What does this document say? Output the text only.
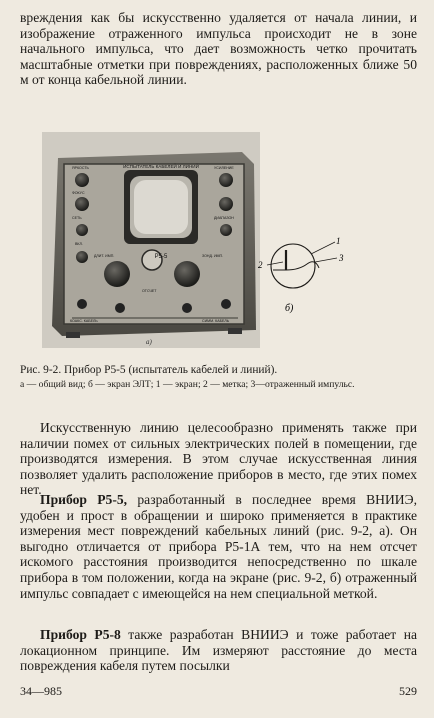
вреждения как бы искусственно удаляется от начала линии, и изображение отраженного импульса происходит не в зоне начального импульса, что дает возможность четко прочитать масштабные отметки при повреждениях, расположенных ближе 50 м от конца кабельной линии.

ИСПЫТАТЕЛЬ КАБЕЛЕЙ И ЛИНИЙ
Р5-5
ЯРКОСТЬ
ФОКУС
СЕТЬ
ВКЛ.
ДЛИТ. ИМП.
УСИЛЕНИЕ
ОТСЧЕТ
ЗОНД. ИМП.
ДИАПАЗОН
КОАКС. КАБЕЛЬ	СИММ. КАБЕЛЬ
а)
1
2
3
б)

Рис. 9-2. Прибор Р5-5 (испытатель кабелей и линий).

а — общий вид; б — экран ЭЛТ; 1 — экран; 2 — метка; 3—отраженный импульс.

Искусственную линию целесообразно применять также при наличии помех от сильных электрических полей в помещении, где производятся измерения. В этом случае искусственная линия позволяет удалить расположение приборов в место, где этих помех нет.

Прибор Р5-5, разработанный в последнее время ВНИИЭ, удобен и прост в обращении и широко применяется в практике измерения мест повреждений кабельных линий (рис. 9-2, а). Он выгодно отличается от прибора Р5-1А тем, что на нем отсчет искомого расстояния производится непосредственно по шкале прибора в том положении, когда на экране (рис. 9-2, б) отраженный импульс совпадает с имеющейся на нем специальной меткой.

Прибор Р5-8 также разработан ВНИИЭ и тоже работает на локационном принципе. Им измеряют расстояние до места повреждения кабеля путем посылки

34—985	529
